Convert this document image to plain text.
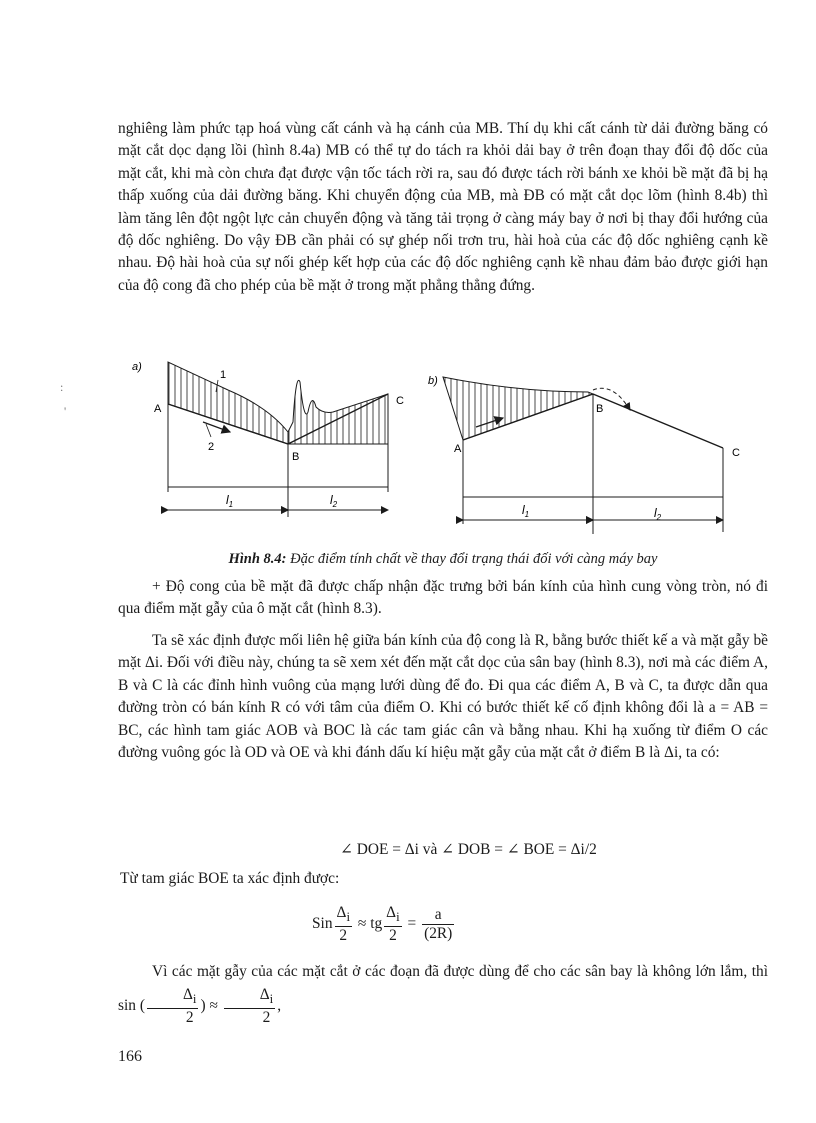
nghiêng làm phức tạp hoá vùng cất cánh và hạ cánh của MB. Thí dụ khi cất cánh từ dải đường băng có mặt cắt dọc dạng lồi (hình 8.4a) MB có thể tự do tách ra khỏi dải bay ở trên đoạn thay đổi độ dốc của mặt cắt, khi mà còn chưa đạt được vận tốc tách rời ra, sau đó được tách rời bánh xe khỏi bề mặt đã bị hạ thấp xuống của dải đường băng. Khi chuyển động của MB, mà ĐB có mặt cắt dọc lõm (hình 8.4b) thì làm tăng lên đột ngột lực cản chuyển động và tăng tải trọng ở càng máy bay ở nơi bị thay đổi hướng của độ dốc nghiêng. Do vậy ĐB cần phải có sự ghép nối trơn tru, hài hoà của các độ dốc nghiêng cạnh kề nhau. Độ hài hoà của sự nối ghép kết hợp của các độ dốc nghiêng cạnh kề nhau đảm bảo được giới hạn của độ cong đã cho phép của bề mặt ở trong mặt phẳng thẳng đứng.

a)
A
B
C
1
2
$l_1$	$l_2$
b)
A
B
C
$l_1$	$l_2$
Hình 8.4: Đặc điểm tính chất về thay đổi trạng thái đối với càng máy bay

+ Độ cong của bề mặt đã được chấp nhận đặc trưng bởi bán kính của hình cung vòng tròn, nó đi qua điểm mặt gẫy của ô mặt cắt (hình 8.3).

Ta sẽ xác định được mối liên hệ giữa bán kính của độ cong là R, bằng bước thiết kế a và mặt gẫy bề mặt Δi. Đối với điều này, chúng ta sẽ xem xét đến mặt cắt dọc của sân bay (hình 8.3), nơi mà các điểm A, B và C là các đỉnh hình vuông của mạng lưới dùng để đo. Đi qua các điểm A, B và C, ta được dẫn qua đường tròn có bán kính R có với tâm của điểm O. Khi có bước thiết kế cố định không đổi là a = AB = BC, các hình tam giác AOB và BOC là các tam giác cân và bằng nhau. Khi hạ xuống từ điểm O các đường vuông góc là OD và OE và khi đánh dấu kí hiệu mặt gẫy của mặt cắt ở điểm B là Δi, ta có:

∠ DOE = Δi và ∠ DOB = ∠ BOE = Δi/2

Từ tam giác BOE ta xác định được:

Sin $\frac{\Delta_i}{2}$ ≈ tg $\frac{\Delta_i}{2} = \frac{a}{(2R)}$

Vì các mặt gẫy của các mặt cắt ở các đoạn đã được dùng để cho các sân bay là không lớn lắm, thì sin ( $\frac{\Delta_i}{2}$ ) ≈ $\frac{\Delta_i}{2}$ ,

166
:
'
